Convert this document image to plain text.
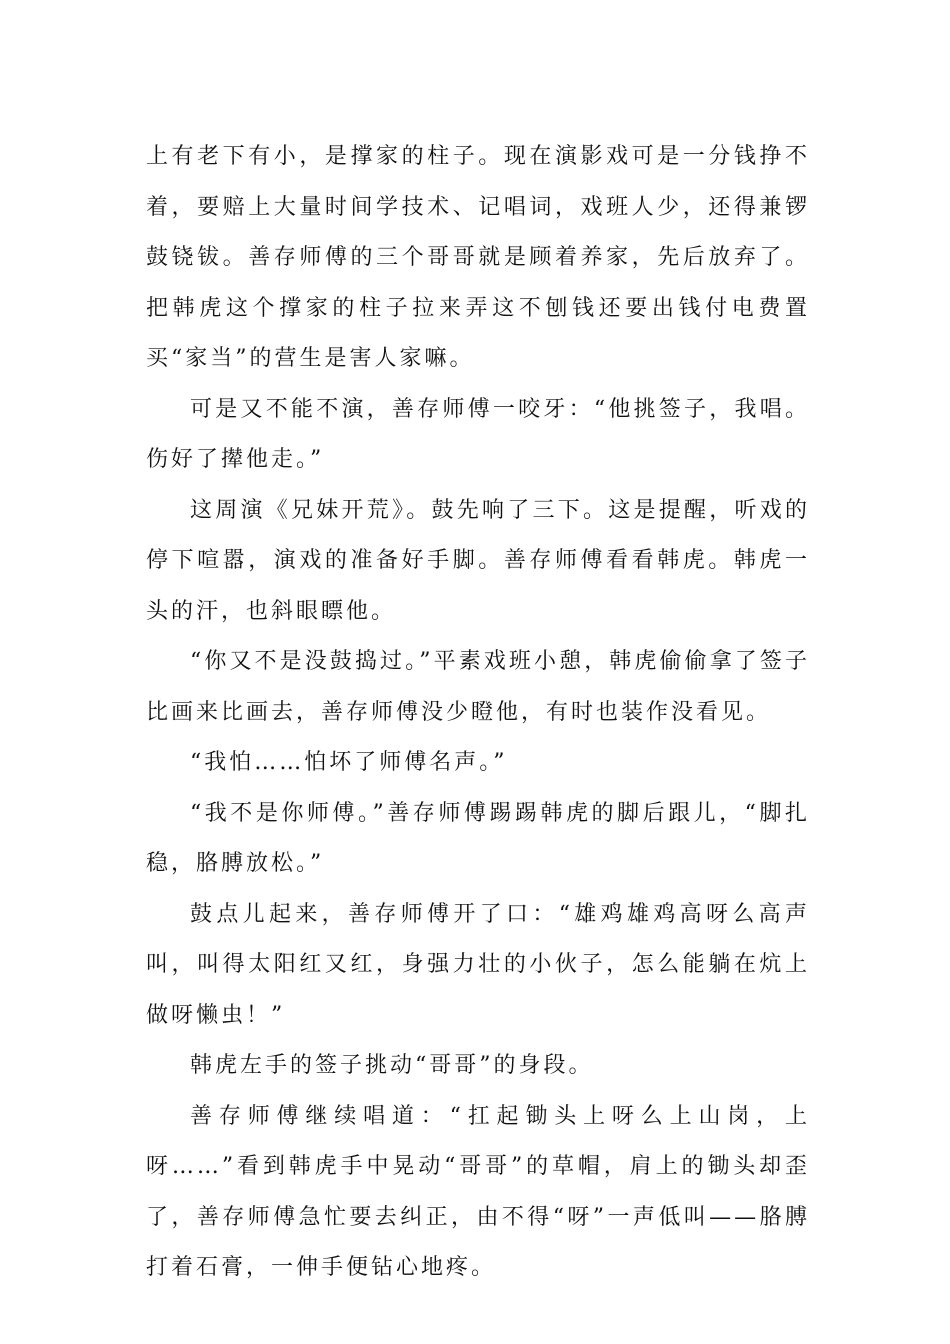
上有老下有小，是撑家的柱子。现在演影戏可是一分钱挣不着，要赔上大量时间学技术、记唱词，戏班人少，还得兼锣鼓铙钹。善存师傅的三个哥哥就是顾着养家，先后放弃了。把韩虎这个撑家的柱子拉来弄这不刨钱还要出钱付电费置买“家当”的营生是害人家嘛。

可是又不能不演，善存师傅一咬牙：“他挑签子，我唱。伤好了撵他走。”

这周演《兄妹开荒》。鼓先响了三下。这是提醒，听戏的停下喧嚣，演戏的准备好手脚。善存师傅看看韩虎。韩虎一头的汗，也斜眼瞟他。

“你又不是没鼓捣过。”平素戏班小憩，韩虎偷偷拿了签子比画来比画去，善存师傅没少瞪他，有时也装作没看见。

“我怕……怕坏了师傅名声。”

“我不是你师傅。”善存师傅踢踢韩虎的脚后跟儿，“脚扎稳，胳膊放松。”

鼓点儿起来，善存师傅开了口：“雄鸡雄鸡高呀么高声叫，叫得太阳红又红，身强力壮的小伙子，怎么能躺在炕上做呀懒虫！”

韩虎左手的签子挑动“哥哥”的身段。

善存师傅继续唱道：“扛起锄头上呀么上山岗，上呀……”看到韩虎手中晃动“哥哥”的草帽，肩上的锄头却歪了，善存师傅急忙要去纠正，由不得“呀”一声低叫——胳膊打着石膏，一伸手便钻心地疼。
